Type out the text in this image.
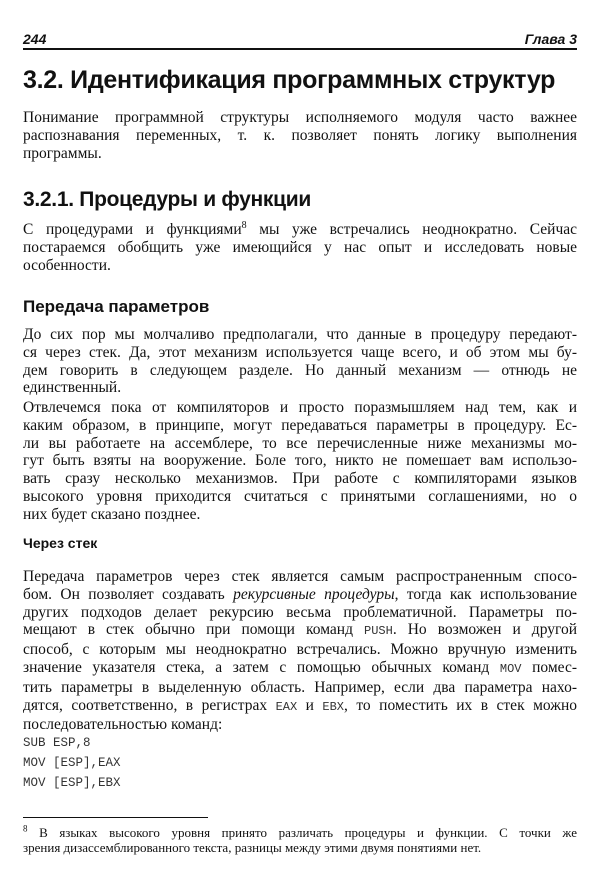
244	Глава 3
3.2. Идентификация программных структур
Понимание программной структуры исполняемого модуля часто важнее
распознавания переменных, т. к. позволяет понять логику выполнения
программы.
3.2.1. Процедуры и функции
С процедурами и функциями$^8$ мы уже встречались неоднократно. Сейчас
постараемся обобщить уже имеющийся у нас опыт и исследовать новые
особенности.
Передача параметров
До сих пор мы молчаливо предполагали, что данные в процедуру передают-
ся через стек. Да, этот механизм используется чаще всего, и об этом мы бу-
дем говорить в следующем разделе. Но данный механизм — отнюдь не
единственный.
Отвлечемся пока от компиляторов и просто поразмышляем над тем, как и
каким образом, в принципе, могут передаваться параметры в процедуру. Ес-
ли вы работаете на ассемблере, то все перечисленные ниже механизмы мо-
гут быть взяты на вооружение. Боле того, никто не помешает вам использо-
вать сразу несколько механизмов. При работе с компиляторами языков
высокого уровня приходится считаться с принятыми соглашениями, но о
них будет сказано позднее.
Через стек
Передача параметров через стек является самым распространенным спосо-
бом. Он позволяет создавать рекурсивные процедуры, тогда как использование
других подходов делает рекурсию весьма проблематичной. Параметры по-
мещают в стек обычно при помощи команд PUSH. Но возможен и другой
способ, с которым мы неоднократно встречались. Можно вручную изменить
значение указателя стека, а затем с помощью обычных команд MOV помес-
тить параметры в выделенную область. Например, если два параметра нахо-
дятся, соответственно, в регистрах EAX и EBX, то поместить их в стек можно
последовательностью команд:
SUB ESP,8
MOV [ESP],EAX
MOV [ESP],EBX
$^8$ В языках высокого уровня принято различать процедуры и функции. С точки же
зрения дизассемблированного текста, разницы между этими двумя понятиями нет.
